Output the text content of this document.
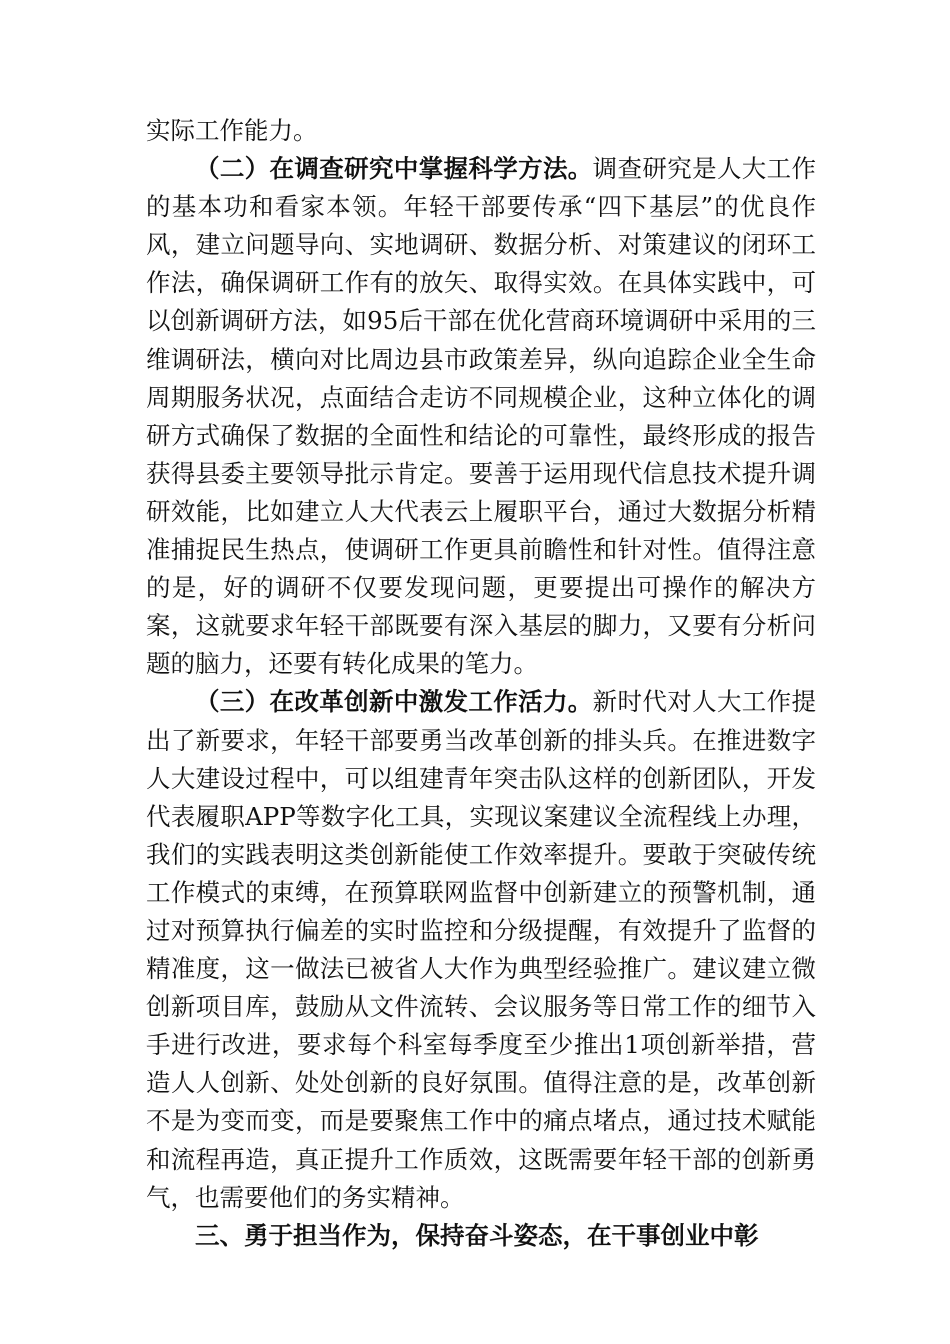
实际工作能力。

（二）在调查研究中掌握科学方法。调查研究是人大工作的基本功和看家本领。年轻干部要传承“四下基层”的优良作风，建立问题导向、实地调研、数据分析、对策建议的闭环工作法，确保调研工作有的放矢、取得实效。在具体实践中，可以创新调研方法，如95后干部在优化营商环境调研中采用的三维调研法，横向对比周边县市政策差异，纵向追踪企业全生命周期服务状况，点面结合走访不同规模企业，这种立体化的调研方式确保了数据的全面性和结论的可靠性，最终形成的报告获得县委主要领导批示肯定。要善于运用现代信息技术提升调研效能，比如建立人大代表云上履职平台，通过大数据分析精准捕捉民生热点，使调研工作更具前瞻性和针对性。值得注意的是，好的调研不仅要发现问题，更要提出可操作的解决方案，这就要求年轻干部既要有深入基层的脚力，又要有分析问题的脑力，还要有转化成果的笔力。

（三）在改革创新中激发工作活力。新时代对人大工作提出了新要求，年轻干部要勇当改革创新的排头兵。在推进数字人大建设过程中，可以组建青年突击队这样的创新团队，开发代表履职APP等数字化工具，实现议案建议全流程线上办理，我们的实践表明这类创新能使工作效率提升。要敢于突破传统工作模式的束缚，在预算联网监督中创新建立的预警机制，通过对预算执行偏差的实时监控和分级提醒，有效提升了监督的精准度，这一做法已被省人大作为典型经验推广。建议建立微创新项目库，鼓励从文件流转、会议服务等日常工作的细节入手进行改进，要求每个科室每季度至少推出1项创新举措，营造人人创新、处处创新的良好氛围。值得注意的是，改革创新不是为变而变，而是要聚焦工作中的痛点堵点，通过技术赋能和流程再造，真正提升工作质效，这既需要年轻干部的创新勇气，也需要他们的务实精神。

三、勇于担当作为，保持奋斗姿态，在干事创业中彰
